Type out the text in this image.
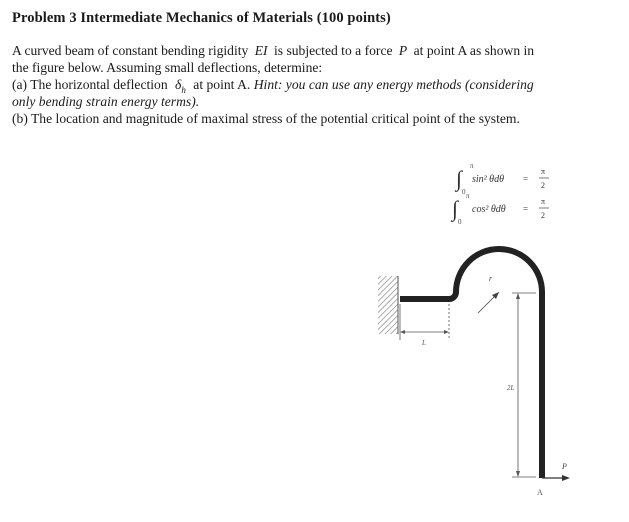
Problem 3 Intermediate Mechanics of Materials (100 points)
A curved beam of constant bending rigidity EI is subjected to a force P at point A as shown in
the figure below. Assuming small deflections, determine:
(a) The horizontal deflection $\delta_h$ at point A. Hint: you can use any energy methods (considering
only bending strain energy terms).
(b) The location and magnitude of maximal stress of the potential critical point of the system.
∫ π
0
sin² θdθ =
π
2
∫ π
0
cos² θdθ =
π
2
r
L
2L
P
A
